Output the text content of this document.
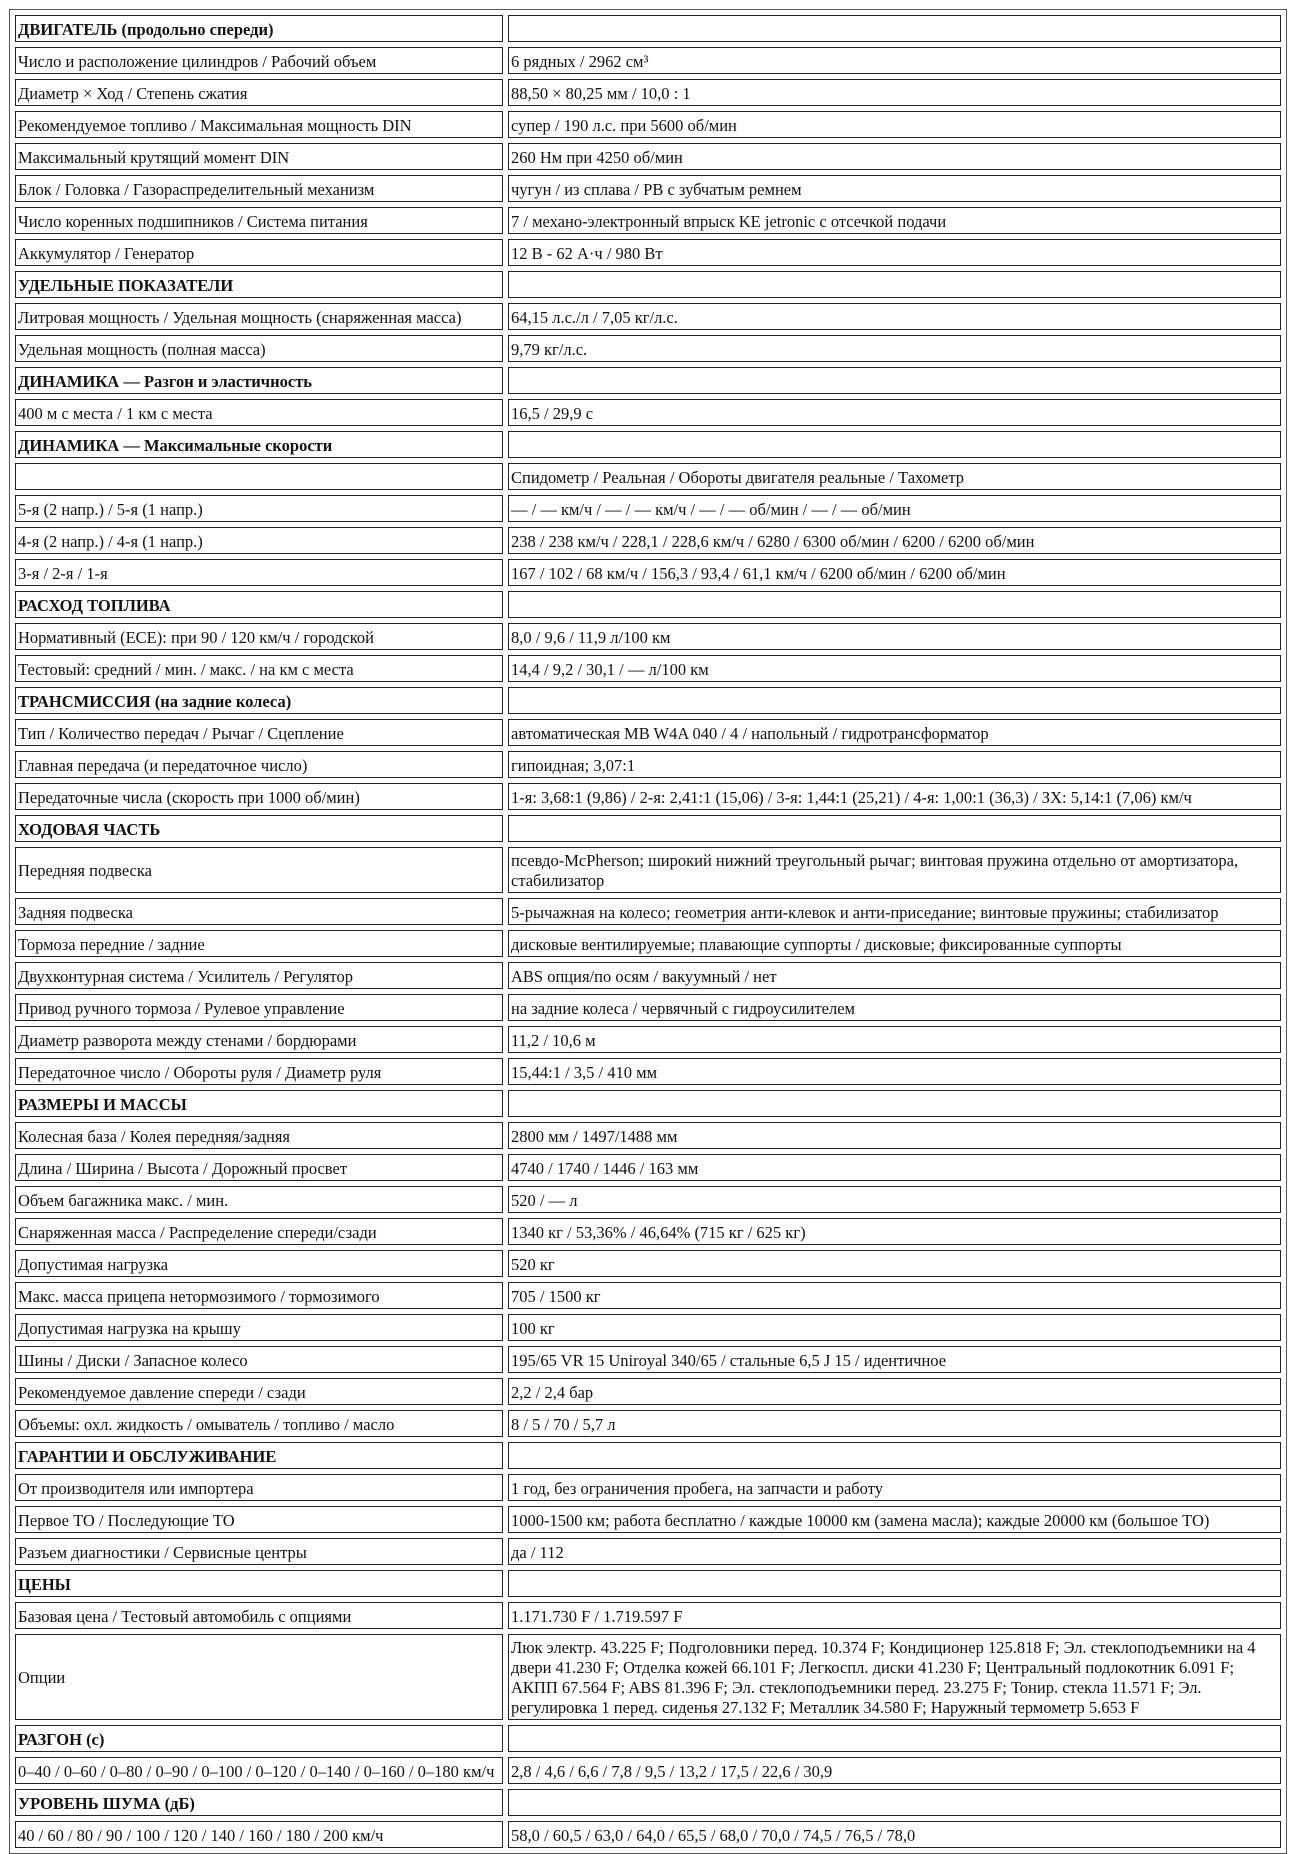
ДВИГАТЕЛЬ (продольно спереди)	
Число и расположение цилиндров / Рабочий объем	6 рядных / 2962 см³
Диаметр × Ход / Степень сжатия	88,50 × 80,25 мм / 10,0 : 1
Рекомендуемое топливо / Максимальная мощность DIN	супер / 190 л.с. при 5600 об/мин
Максимальный крутящий момент DIN	260 Нм при 4250 об/мин
Блок / Головка / Газораспределительный механизм	чугун / из сплава / РВ с зубчатым ремнем
Число коренных подшипников / Система питания	7 / механо-электронный впрыск KE jetronic с отсечкой подачи
Аккумулятор / Генератор	12 В - 62 А·ч / 980 Вт
УДЕЛЬНЫЕ ПОКАЗАТЕЛИ	
Литровая мощность / Удельная мощность (снаряженная масса)	64,15 л.с./л / 7,05 кг/л.с.
Удельная мощность (полная масса)	9,79 кг/л.с.
ДИНАМИКА — Разгон и эластичность	
400 м с места / 1 км с места	16,5 / 29,9 с
ДИНАМИКА — Максимальные скорости	
	Спидометр / Реальная / Обороты двигателя реальные / Тахометр
5-я (2 напр.) / 5-я (1 напр.)	— / — км/ч / — / — км/ч / — / — об/мин / — / — об/мин
4-я (2 напр.) / 4-я (1 напр.)	238 / 238 км/ч / 228,1 / 228,6 км/ч / 6280 / 6300 об/мин / 6200 / 6200 об/мин
3-я / 2-я / 1-я	167 / 102 / 68 км/ч / 156,3 / 93,4 / 61,1 км/ч / 6200 об/мин / 6200 об/мин
РАСХОД ТОПЛИВА	
Нормативный (ECE): при 90 / 120 км/ч / городской	8,0 / 9,6 / 11,9 л/100 км
Тестовый: средний / мин. / макс. / на км с места	14,4 / 9,2 / 30,1 / — л/100 км
ТРАНСМИССИЯ (на задние колеса)	
Тип / Количество передач / Рычаг / Сцепление	автоматическая MB W4A 040 / 4 / напольный / гидротрансформатор
Главная передача (и передаточное число)	гипоидная; 3,07:1
Передаточные числа (скорость при 1000 об/мин)	1-я: 3,68:1 (9,86) / 2-я: 2,41:1 (15,06) / 3-я: 1,44:1 (25,21) / 4-я: 1,00:1 (36,3) / ЗХ: 5,14:1 (7,06) км/ч
ХОДОВАЯ ЧАСТЬ	
Передняя подвеска	псевдо-McPherson; широкий нижний треугольный рычаг; винтовая пружина отдельно от амортизатора, стабилизатор
Задняя подвеска	5-рычажная на колесо; геометрия анти-клевок и анти-приседание; винтовые пружины; стабилизатор
Тормоза передние / задние	дисковые вентилируемые; плавающие суппорты / дисковые; фиксированные суппорты
Двухконтурная система / Усилитель / Регулятор	ABS опция/по осям / вакуумный / нет
Привод ручного тормоза / Рулевое управление	на задние колеса / червячный с гидроусилителем
Диаметр разворота между стенами / бордюрами	11,2 / 10,6 м
Передаточное число / Обороты руля / Диаметр руля	15,44:1 / 3,5 / 410 мм
РАЗМЕРЫ И МАССЫ	
Колесная база / Колея передняя/задняя	2800 мм / 1497/1488 мм
Длина / Ширина / Высота / Дорожный просвет	4740 / 1740 / 1446 / 163 мм
Объем багажника макс. / мин.	520 / — л
Снаряженная масса / Распределение спереди/сзади	1340 кг / 53,36% / 46,64% (715 кг / 625 кг)
Допустимая нагрузка	520 кг
Макс. масса прицепа нетормозимого / тормозимого	705 / 1500 кг
Допустимая нагрузка на крышу	100 кг
Шины / Диски / Запасное колесо	195/65 VR 15 Uniroyal 340/65 / стальные 6,5 J 15 / идентичное
Рекомендуемое давление спереди / сзади	2,2 / 2,4 бар
Объемы: охл. жидкость / омыватель / топливо / масло	8 / 5 / 70 / 5,7 л
ГАРАНТИИ И ОБСЛУЖИВАНИЕ	
От производителя или импортера	1 год, без ограничения пробега, на запчасти и работу
Первое ТО / Последующие ТО	1000-1500 км; работа бесплатно / каждые 10000 км (замена масла); каждые 20000 км (большое ТО)
Разъем диагностики / Сервисные центры	да / 112
ЦЕНЫ	
Базовая цена / Тестовый автомобиль с опциями	1.171.730 F / 1.719.597 F
Опции	Люк электр. 43.225 F; Подголовники перед. 10.374 F; Кондиционер 125.818 F; Эл. стеклоподъемники на 4 двери 41.230 F; Отделка кожей 66.101 F; Легкоспл. диски 41.230 F; Центральный подлокотник 6.091 F; АКПП 67.564 F; ABS 81.396 F; Эл. стеклоподъемники перед. 23.275 F; Тонир. стекла 11.571 F; Эл. регулировка 1 перед. сиденья 27.132 F; Металлик 34.580 F; Наружный термометр 5.653 F
РАЗГОН (с)	
0–40 / 0–60 / 0–80 / 0–90 / 0–100 / 0–120 / 0–140 / 0–160 / 0–180 км/ч	2,8 / 4,6 / 6,6 / 7,8 / 9,5 / 13,2 / 17,5 / 22,6 / 30,9
УРОВЕНЬ ШУМА (дБ)	
40 / 60 / 80 / 90 / 100 / 120 / 140 / 160 / 180 / 200 км/ч	58,0 / 60,5 / 63,0 / 64,0 / 65,5 / 68,0 / 70,0 / 74,5 / 76,5 / 78,0
